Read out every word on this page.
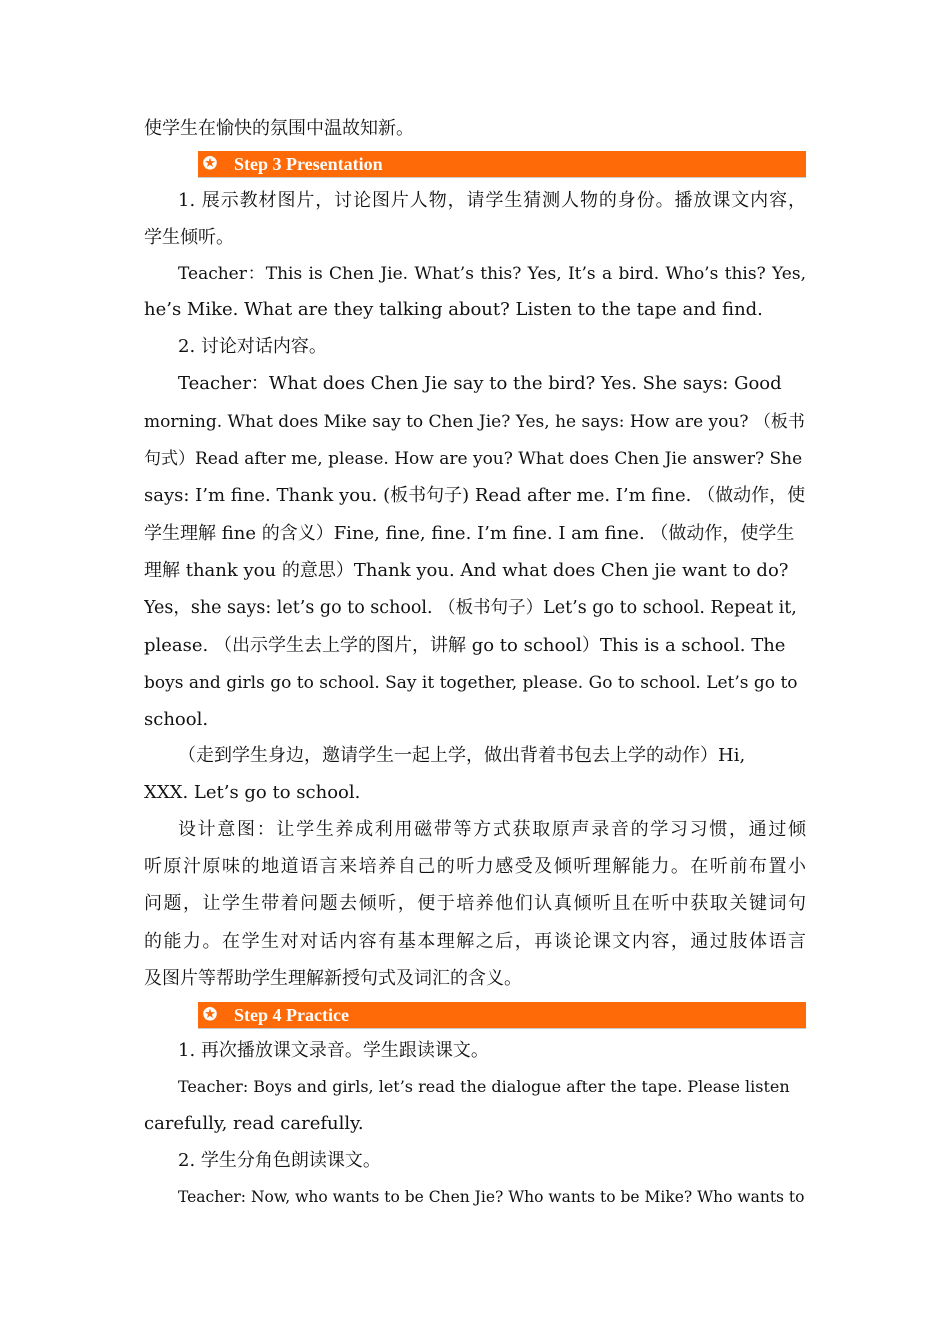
使学生在愉快的氛围中温故知新。
✪ Step 3 Presentation
1. 展示教材图片，讨论图片人物，请学生猜测人物的身份。播放课文内容，
学生倾听。
Teacher：This is Chen Jie. What’s this? Yes, It’s a bird. Who’s this? Yes,
he’s Mike. What are they talking about? Listen to the tape and find.
2. 讨论对话内容。
Teacher：What does Chen Jie say to the bird? Yes. She says: Good
morning. What does Mike say to Chen Jie? Yes, he says: How are you? （板书
句式）Read after me, please. How are you? What does Chen Jie answer? She
says: I’m fine. Thank you. (板书句子) Read after me. I’m fine. （做动作，使
学生理解 fine 的含义）Fine, fine, fine. I’m fine. I am fine. （做动作，使学生
理解 thank you 的意思）Thank you. And what does Chen jie want to do?
Yes，she says: let’s go to school. （板书句子）Let’s go to school. Repeat it,
please. （出示学生去上学的图片，讲解 go to school）This is a school. The
boys and girls go to school. Say it together, please. Go to school. Let’s go to
school.
（走到学生身边，邀请学生一起上学，做出背着书包去上学的动作）Hi,
XXX. Let’s go to school.
设计意图：让学生养成利用磁带等方式获取原声录音的学习习惯，通过倾
听原汁原味的地道语言来培养自己的听力感受及倾听理解能力。在听前布置小
问题，让学生带着问题去倾听，便于培养他们认真倾听且在听中获取关键词句
的能力。在学生对对话内容有基本理解之后，再谈论课文内容，通过肢体语言
及图片等帮助学生理解新授句式及词汇的含义。
✪ Step 4 Practice
1. 再次播放课文录音。学生跟读课文。
Teacher: Boys and girls, let’s read the dialogue after the tape. Please listen
carefully, read carefully.
2. 学生分角色朗读课文。
Teacher: Now, who wants to be Chen Jie? Who wants to be Mike? Who wants to
